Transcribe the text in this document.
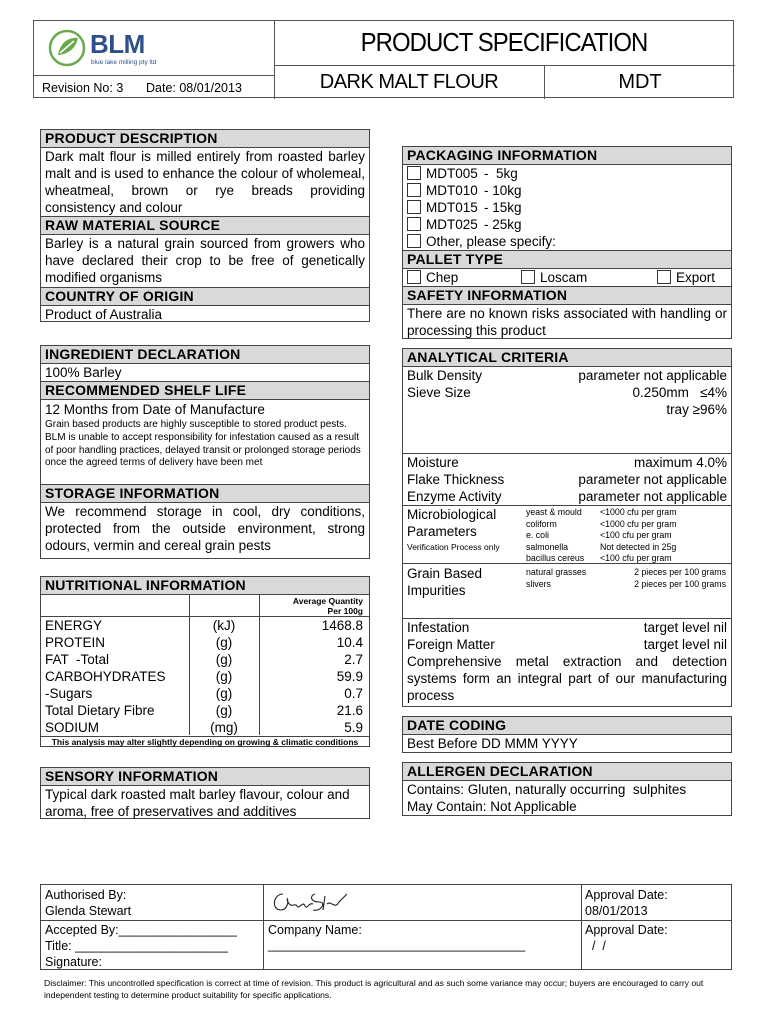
BLM
blue lake milling pty ltd
Revision No: 3 Date: 08/01/2013
PRODUCT SPECIFICATION
DARK MALT FLOUR	MDT
PRODUCT DESCRIPTION
Dark malt flour is milled entirely from roasted barley malt and is used to enhance the colour of wholemeal, wheatmeal, brown or rye breads providing consistency and colour
RAW MATERIAL SOURCE
Barley is a natural grain sourced from growers who have declared their crop to be free of genetically modified organisms
COUNTRY OF ORIGIN
Product of Australia
INGREDIENT DECLARATION
100% Barley
RECOMMENDED SHELF LIFE
12 Months from Date of Manufacture
Grain based products are highly susceptible to stored product pests. BLM is unable to accept responsibility for infestation caused as a result of poor handling practices, delayed transit or prolonged storage periods once the agreed terms of delivery have been met
STORAGE INFORMATION
We recommend storage in cool, dry conditions, protected from the outside environment, strong odours, vermin and cereal grain pests
NUTRITIONAL INFORMATION
Average Quantity
Per 100g
ENERGY	(kJ)	1468.8
PROTEIN	(g)	10.4
FAT  -Total	(g)	2.7
CARBOHYDRATES	(g)	59.9
-Sugars	(g)	0.7
Total Dietary Fibre	(g)	21.6
SODIUM	(mg)	5.9
This analysis may alter slightly depending on growing & climatic conditions
SENSORY INFORMATION
Typical dark roasted malt barley flavour, colour and aroma, free of preservatives and additives
PACKAGING INFORMATION
MDT005 -  5kg
MDT010 - 10kg
MDT015 - 15kg
MDT025 - 25kg
Other, please specify:
PALLET TYPE
Chep	Loscam	Export
SAFETY INFORMATION
There are no known risks associated with handling or processing this product
ANALYTICAL CRITERIA
Bulk Density	parameter not applicable
Sieve Size	0.250mm   ≤4%
tray ≥96%
Moisture	maximum 4.0%
Flake Thickness	parameter not applicable
Enzyme Activity	parameter not applicable
Microbiological
Parameters
Verification Process only
yeast & mould	<1000 cfu per gram
coliform	<1000 cfu per gram
e. coli	<100 cfu per gram
salmonella	Not detected in 25g
bacillus cereus	<100 cfu per gram
Grain Based
Impurities
natural grasses	2 pieces per 100 grams
slivers	2 pieces per 100 grams
Infestation	target level nil
Foreign Matter	target level nil
Comprehensive metal extraction and detection systems form an integral part of our manufacturing process
DATE CODING
Best Before DD MMM YYYY
ALLERGEN DECLARATION
Contains: Gluten, naturally occurring  sulphites
May Contain: Not Applicable
Authorised By:
Glenda Stewart
Approval Date:
08/01/2013
Accepted By:_________________
Title: ______________________
Signature:
Company Name:
_____________________________________
Approval Date:
/  /
Disclaimer: This uncontrolled specification is correct at time of revision. This product is agricultural and as such some variance may occur; buyers are encouraged to carry out independent testing to determine product suitability for specific applications.
